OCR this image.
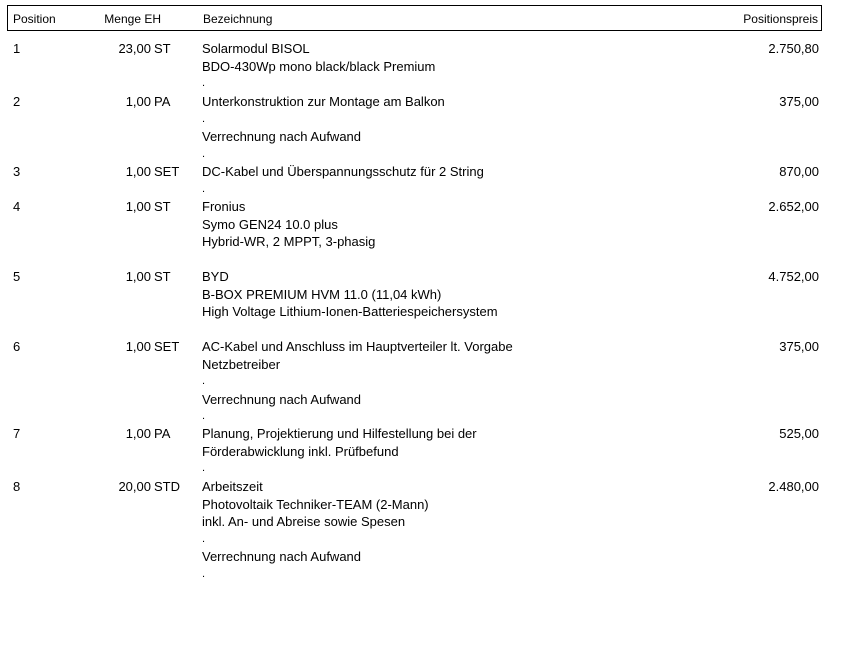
Position	Menge EH	Bezeichnung	Positionspreis
1	23,00 ST	Solarmodul BISOL
BDO-430Wp mono black/black Premium
.
2.750,80
2	1,00 PA	Unterkonstruktion zur Montage am Balkon
.
Verrechnung nach Aufwand
.
375,00
3	1,00 SET	DC-Kabel und Überspannungsschutz für 2 String
.
870,00
4	1,00 ST	Fronius
Symo GEN24 10.0 plus
Hybrid-WR, 2 MPPT, 3-phasig
2.652,00
5	1,00 ST	BYD
B-BOX PREMIUM HVM 11.0 (11,04 kWh)
High Voltage Lithium-Ionen-Batteriespeichersystem
4.752,00
6	1,00 SET	AC-Kabel und Anschluss im Hauptverteiler lt. Vorgabe
Netzbetreiber
.
Verrechnung nach Aufwand
.
375,00
7	1,00 PA	Planung, Projektierung und Hilfestellung bei der
Förderabwicklung inkl. Prüfbefund
.
525,00
8	20,00 STD	Arbeitszeit
Photovoltaik Techniker-TEAM (2-Mann)
inkl. An- und Abreise sowie Spesen
.
Verrechnung nach Aufwand
.
2.480,00
